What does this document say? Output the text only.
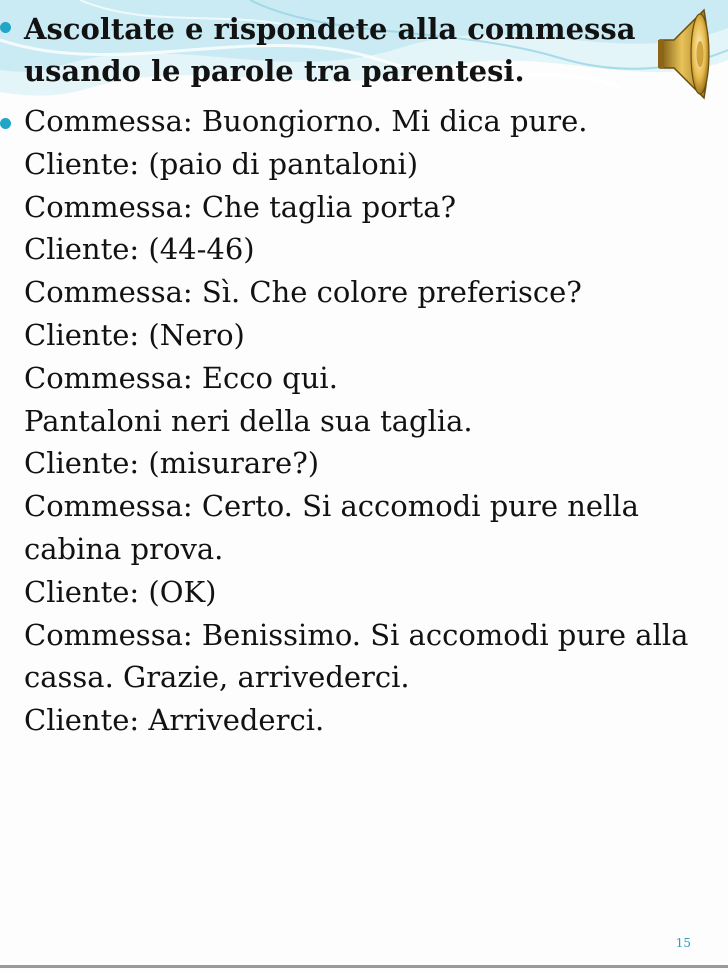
Ascoltate e rispondete alla commessa
usando le parole tra parentesi.
Commessa: Buongiorno. Mi dica pure.
Cliente: (paio di pantaloni)
Commessa: Che taglia porta?
Cliente: (44-46)
Commessa: Sì. Che colore preferisce?
Cliente: (Nero)
Commessa: Ecco qui.
Pantaloni neri della sua taglia.
Cliente: (misurare?)
Commessa: Certo. Si accomodi pure nella
cabina prova.
Cliente: (OK)
Commessa: Benissimo. Si accomodi pure alla
cassa. Grazie, arrivederci.
Cliente: Arrivederci.
15
